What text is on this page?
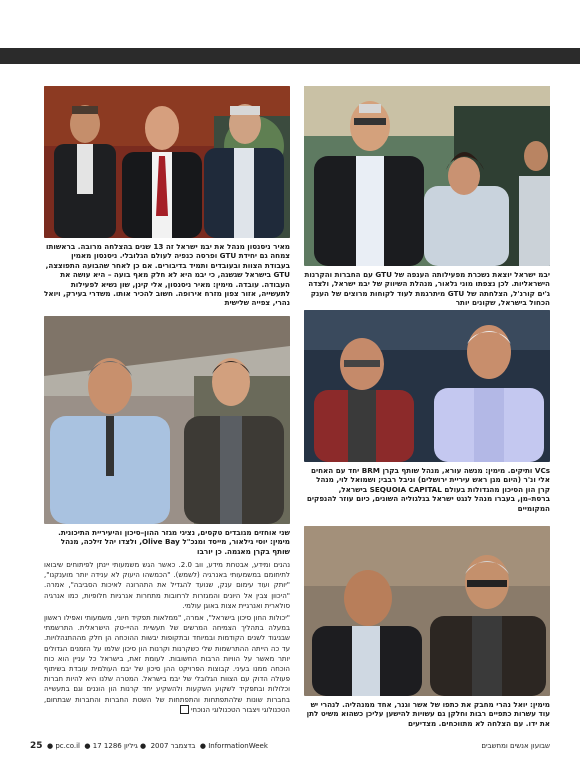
מאיר ניסנסון מנהל את יבמ ישראל זה 13 שנים בהצלחה מרובה. בראשותו צמחה גם יחידת GTU ופרסה כנפיה לעולם הגלובלי. ניסנסון מאמין בעבודת הצוות ובעובדים ותמיד בדיבורים. אם כן לאחר שהבועה התפוצצה, GTU בישראל שגשגה, כי יבמ היא לא חלק מאף בועה – היא עושה את העבודה. עובדה. מימין: מאיר ניסנסון, אלי קינן, שון נשיא לפעילות לתעשייה, אזור צפון מזרח אירופה. חשוב להכיר אותו. משדרי בעירק, ויואל נהרי, צפייה שלישית

יבמ ישראל יוצאת נשכרת מפעילותה הענפה של GTU עם החברות והקרנות הישראליות. לכן נצפתו מוני גלאור, מנהלת השיווק של יבמ ישראל, ולצדה ג'ים קורנ'ל, הצלחתה של GTU מיתרגמת לעוד לקוחות מרוצים של הענק הכחול בישראל, שקונים יותר

VCs ותיקים. מימין: מנשה עורא, מנהל שותף בקרן BRM יחד עם האחים אלי ונ'ר (היום מגן ראש עיריית ירושלים) וניבל רבבי; ושמואל לוי, מנהל קרן הון הסיכון מהגדולות בעולם SEQUOIA CAPITAL בישראל, ברסת–מן, בעברו מנהל לנגט ישראל בגלגוליה השונים, כיום עוזר להנפקים המקומיים

שני אוחזים מגובדים טקסים, נציגי מגזר ההון–סיכון והיעיריית התיכונית. מימין: יוסי גילאור, מייסד ומנכ"ל Olive Bay, ולצדו יהל זילכה, מנהל שותף בקרן מאגמה. כן יורבו

נהנים ומידע, אבטחת מידע, ווב 2.0. כאשר הגש משמעותי יינתן לפיתוחים שיבואו לתיחומם במשמעותי באנרגיה (לשמש). "הכמשהו היעוק לא ענידה יותר מוענקנו", "יותק ועוד עימום ענק, שנועד להגדיל את התהרונה לאיכות הסביבה", אמרה. "היכוון צבין אל היונים והמגזרות לרחובות מתחרות אנרגיות חלופיות, כמו אנרגיה סולארית ואנרגיית אצות באוגן עולמי.

"יכולות החון סיכון בישראל", אמרה, "ממלאות תפקיד חיוני, משמעותי ואפילו ראשון במעלה בתהליך הצמיחה המרשים של תעשיית ההיי-טק הישראלית. התרשמתי שבניגוד לשנים הקודמות ובמיוחד ובתקופות יבשות ההוכחה הן חלק מההתנהלויות. עד כה הייתה ההתרשמות שלי כשקרנות וקרנות הון סיכון שלמו על הזמנים הגדולים יותר מאשר על הוויות הרבות החשובות. לעומת זאת, בישראל כל עניין הוא כוח הוכחה ממנו בעיני. קבוצות הפרויקט ההן סיכון של יבמ העולמית עובדת בשיתוף פעולה הדוק עם הצוות הגלובלי של יבמ בישראל. המטרה שלנו היא להיות חברות וכלולות ובתפקיד לשקוע השקעות ולהשקיע יחד קרנות הון הוננים וגם בתעשייה בחברות שונות שלהתפתחות והתפתחות של השטת החברות והחברות שבתחום, הטכנולוגי ויצבור הטכנולוגי הנוכחי

מימין: יואל נהרי מחבק את כתפו של אשר וגנר, אחד ממנהליה. לנהרי יש עוד עשרות כתפיים רבות וחלקן גם עשויות להישען עליכן כשהוא משיט לתן את ידו. עם הצלחה לא מתווכחים. מצדיעים

25  ● pc.co.il  ● 17 בדצמבר 2007  ● גיליון 1286	● InformationWeek	שבועון אנשים ומחשבים
